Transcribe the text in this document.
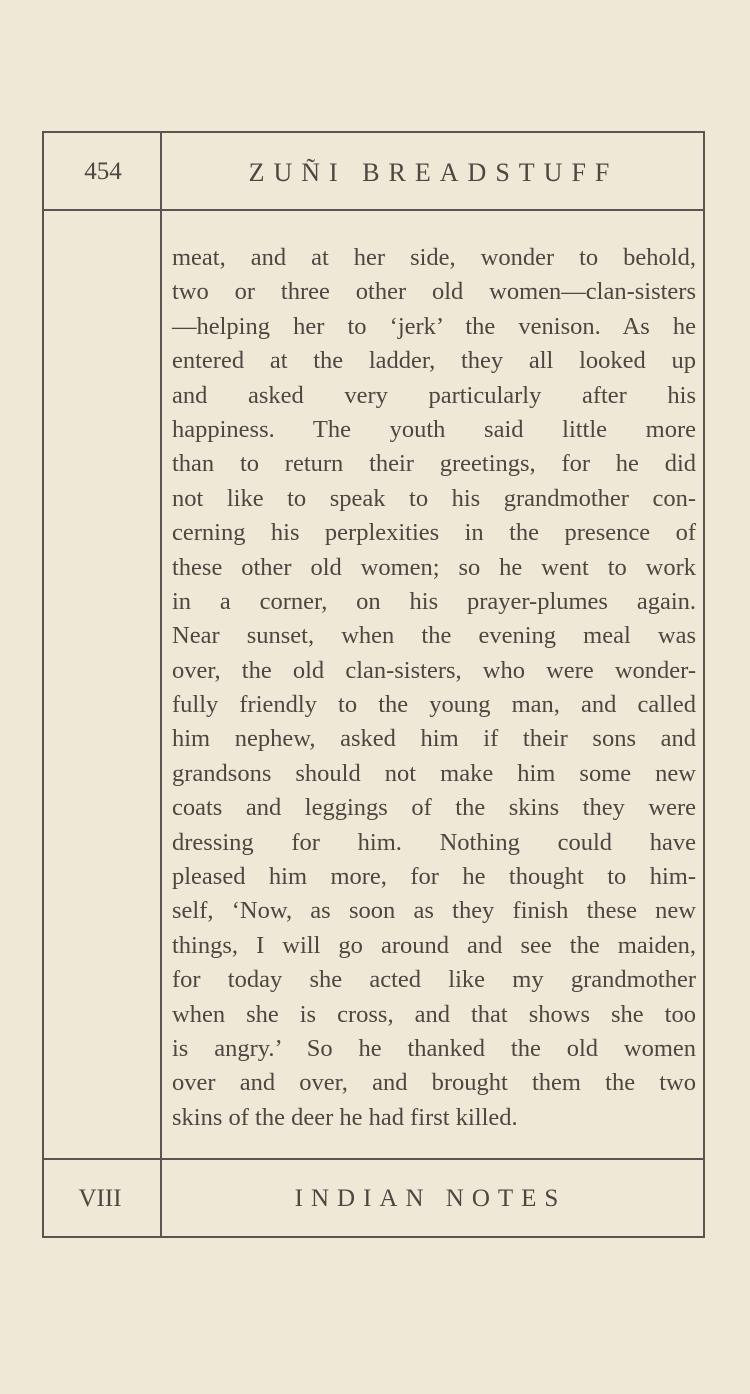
454	ZUÑI BREADSTUFF
meat, and at her side, wonder to behold,
two or three other old women—clan-sisters
—helping her to ‘jerk’ the venison. As he
entered at the ladder, they all looked up
and asked very particularly after his
happiness. The youth said little more
than to return their greetings, for he did
not like to speak to his grandmother con-
cerning his perplexities in the presence of
these other old women; so he went to work
in a corner, on his prayer-plumes again.
Near sunset, when the evening meal was
over, the old clan-sisters, who were wonder-
fully friendly to the young man, and called
him nephew, asked him if their sons and
grandsons should not make him some new
coats and leggings of the skins they were
dressing for him. Nothing could have
pleased him more, for he thought to him-
self, ‘Now, as soon as they finish these new
things, I will go around and see the maiden,
for today she acted like my grandmother
when she is cross, and that shows she too
is angry.’ So he thanked the old women
over and over, and brought them the two
skins of the deer he had first killed.
VIII	INDIAN NOTES
